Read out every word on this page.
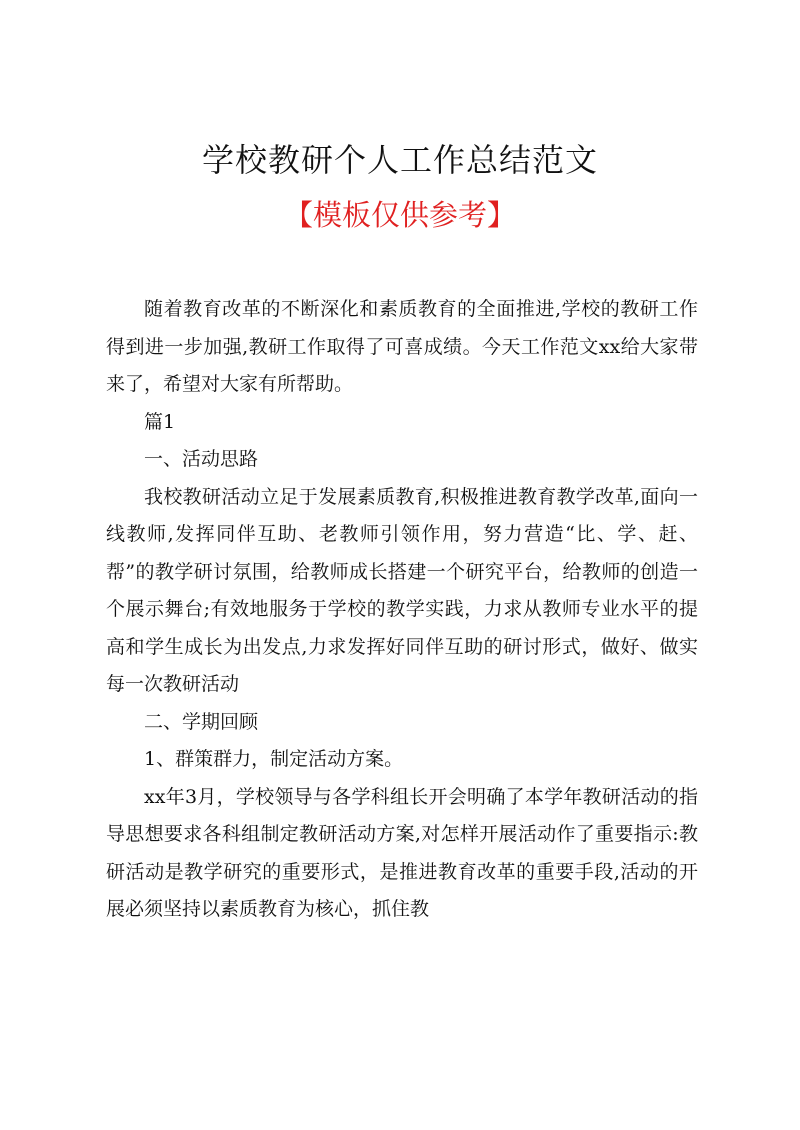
学校教研个人工作总结范文
【模板仅供参考】

随着教育改革的不断深化和素质教育的全面推进,学校的教研工作得到进一步加强,教研工作取得了可喜成绩。今天工作范文xx给大家带来了，希望对大家有所帮助。

篇1

一、活动思路

我校教研活动立足于发展素质教育,积极推进教育教学改革,面向一线教师,发挥同伴互助、老教师引领作用，努力营造“比、学、赶、帮”的教学研讨氛围，给教师成长搭建一个研究平台，给教师的创造一个展示舞台;有效地服务于学校的教学实践，力求从教师专业水平的提高和学生成长为出发点,力求发挥好同伴互助的研讨形式，做好、做实每一次教研活动

二、学期回顾

1、群策群力，制定活动方案。

xx年3月，学校领导与各学科组长开会明确了本学年教研活动的指导思想要求各科组制定教研活动方案,对怎样开展活动作了重要指示:教研活动是教学研究的重要形式，是推进教育改革的重要手段,活动的开展必须坚持以素质教育为核心，抓住教
